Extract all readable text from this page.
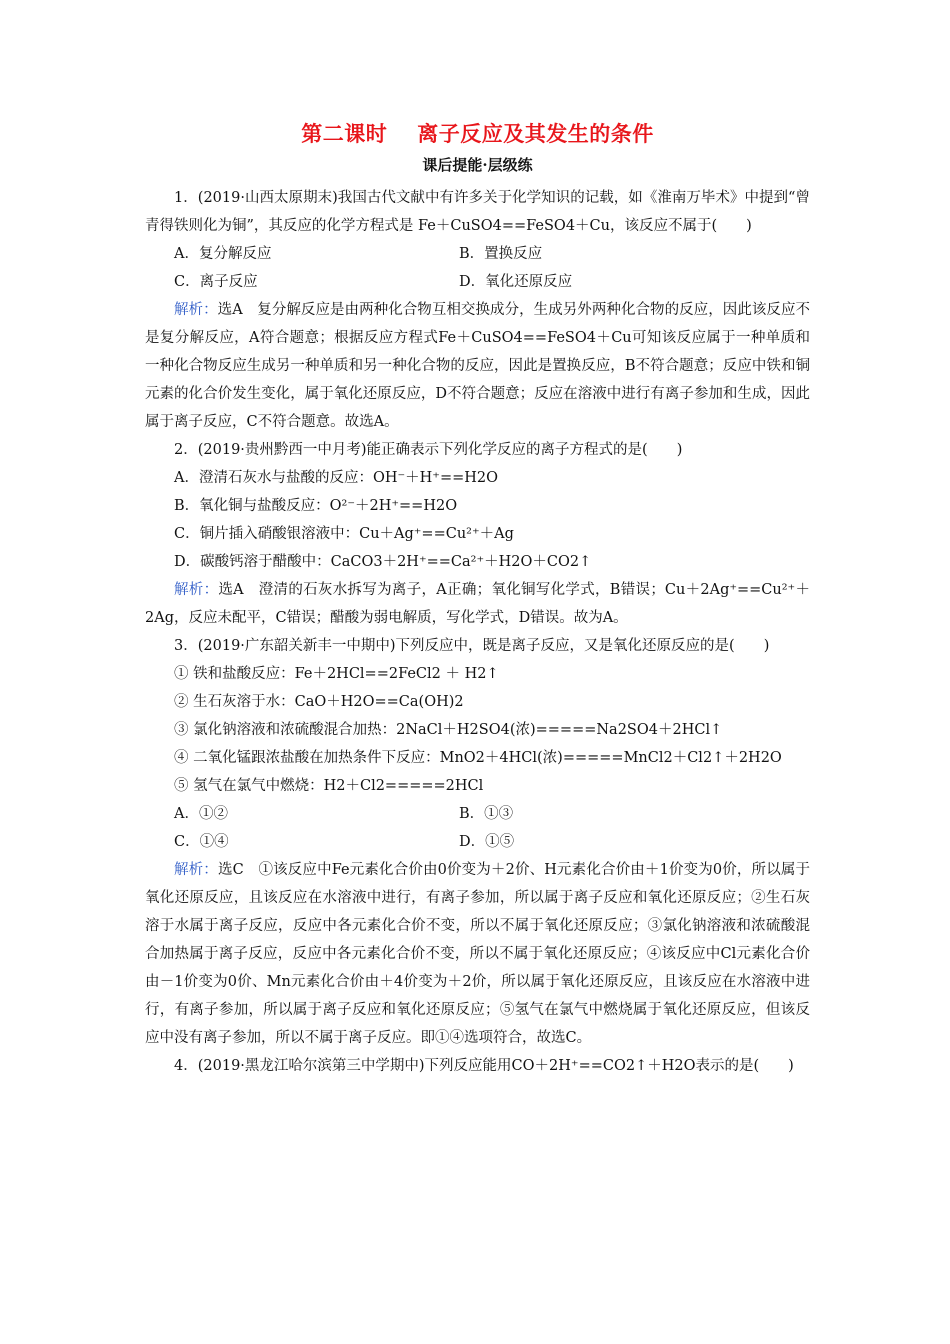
第二课时 离子反应及其发生的条件
课后提能·层级练
1．(2019·山西太原期末)我国古代文献中有许多关于化学知识的记载，如《淮南万毕术》中提到“曾青得铁则化为铜”，其反应的化学方程式是 Fe＋CuSO4==FeSO4＋Cu，该反应不属于(　　)
A．复分解反应	B．置换反应
C．离子反应	D．氧化还原反应
解析：选A　复分解反应是由两种化合物互相交换成分，生成另外两种化合物的反应，因此该反应不是复分解反应，A符合题意；根据反应方程式Fe＋CuSO4==FeSO4＋Cu可知该反应属于一种单质和一种化合物反应生成另一种单质和另一种化合物的反应，因此是置换反应，B不符合题意；反应中铁和铜元素的化合价发生变化，属于氧化还原反应，D不符合题意；反应在溶液中进行有离子参加和生成，因此属于离子反应，C不符合题意。故选A。
2．(2019·贵州黔西一中月考)能正确表示下列化学反应的离子方程式的是(　　)
A．澄清石灰水与盐酸的反应：OH⁻＋H⁺==H2O
B．氧化铜与盐酸反应：O²⁻＋2H⁺==H2O
C．铜片插入硝酸银溶液中：Cu＋Ag⁺==Cu²⁺＋Ag
D．碳酸钙溶于醋酸中：CaCO3＋2H⁺==Ca²⁺＋H2O＋CO2↑
解析：选A　澄清的石灰水拆写为离子，A正确；氧化铜写化学式，B错误；Cu＋2Ag⁺==Cu²⁺＋2Ag，反应未配平，C错误；醋酸为弱电解质，写化学式，D错误。故为A。
3．(2019·广东韶关新丰一中期中)下列反应中，既是离子反应，又是氧化还原反应的是(　　)
① 铁和盐酸反应：Fe＋2HCl==2FeCl2 ＋ H2↑
② 生石灰溶于水：CaO＋H2O==Ca(OH)2
③ 氯化钠溶液和浓硫酸混合加热：2NaCl＋H2SO4(浓)=====Na2SO4＋2HCl↑
④ 二氧化锰跟浓盐酸在加热条件下反应：MnO2＋4HCl(浓)=====MnCl2＋Cl2↑＋2H2O
⑤ 氢气在氯气中燃烧：H2＋Cl2=====2HCl
A．①②	B．①③
C．①④	D．①⑤
解析：选C　①该反应中Fe元素化合价由0价变为＋2价、H元素化合价由＋1价变为0价，所以属于氧化还原反应，且该反应在水溶液中进行，有离子参加，所以属于离子反应和氧化还原反应；②生石灰溶于水属于离子反应，反应中各元素化合价不变，所以不属于氧化还原反应；③氯化钠溶液和浓硫酸混合加热属于离子反应，反应中各元素化合价不变，所以不属于氧化还原反应；④该反应中Cl元素化合价由－1价变为0价、Mn元素化合价由＋4价变为＋2价，所以属于氧化还原反应，且该反应在水溶液中进行，有离子参加，所以属于离子反应和氧化还原反应；⑤氢气在氯气中燃烧属于氧化还原反应，但该反应中没有离子参加，所以不属于离子反应。即①④选项符合，故选C。
4．(2019·黑龙江哈尔滨第三中学期中)下列反应能用CO＋2H⁺==CO2↑＋H2O表示的是(　　)
